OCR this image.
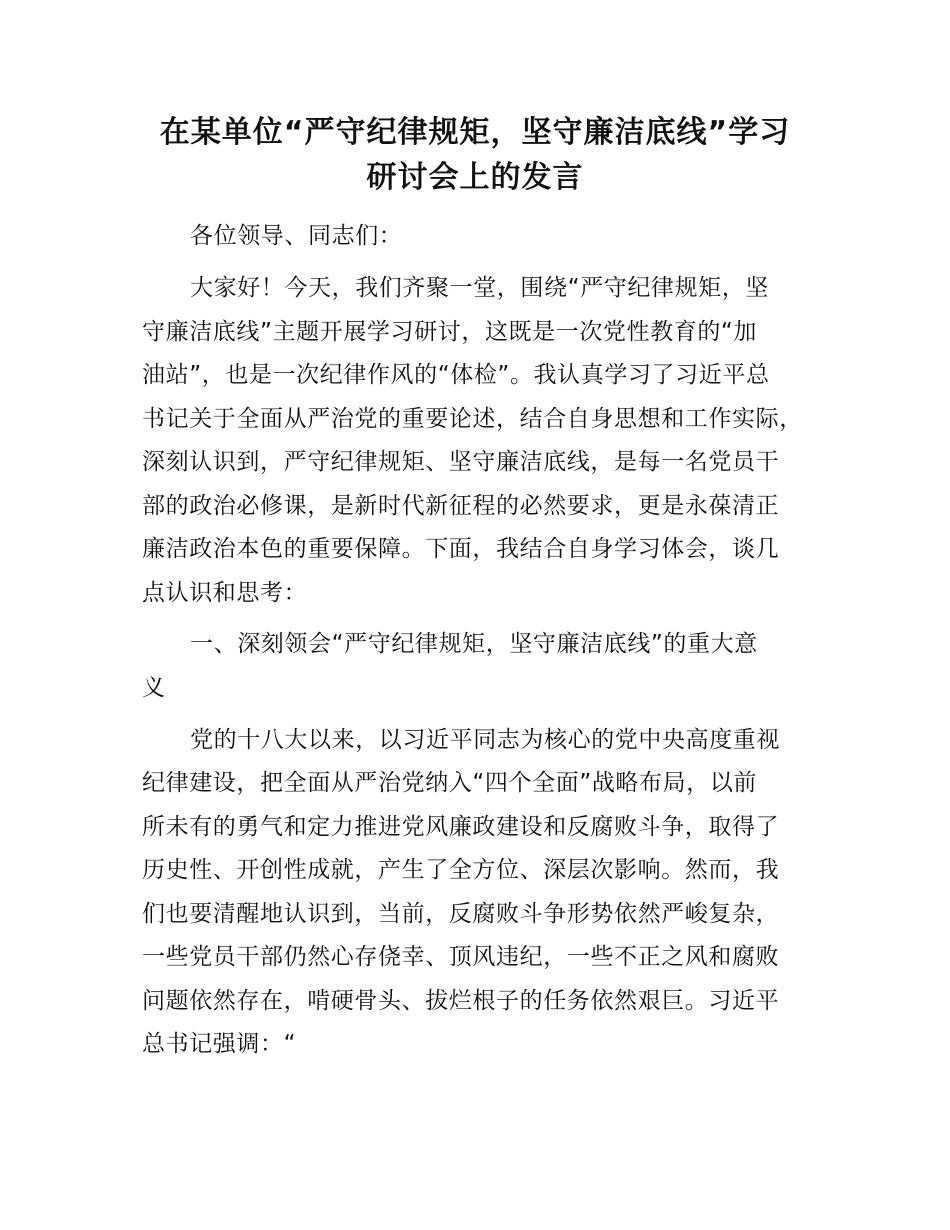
在某单位“严守纪律规矩，坚守廉洁底线”学习
研讨会上的发言
各位领导、同志们：
大家好！今天，我们齐聚一堂，围绕“严守纪律规矩，坚
守廉洁底线”主题开展学习研讨，这既是一次党性教育的“加
油站”，也是一次纪律作风的“体检”。我认真学习了习近平总
书记关于全面从严治党的重要论述，结合自身思想和工作实际，
深刻认识到，严守纪律规矩、坚守廉洁底线，是每一名党员干
部的政治必修课，是新时代新征程的必然要求，更是永葆清正
廉洁政治本色的重要保障。下面，我结合自身学习体会，谈几
点认识和思考：
一、深刻领会“严守纪律规矩，坚守廉洁底线”的重大意
义
党的十八大以来，以习近平同志为核心的党中央高度重视
纪律建设，把全面从严治党纳入“四个全面”战略布局，以前
所未有的勇气和定力推进党风廉政建设和反腐败斗争，取得了
历史性、开创性成就，产生了全方位、深层次影响。然而，我
们也要清醒地认识到，当前，反腐败斗争形势依然严峻复杂，
一些党员干部仍然心存侥幸、顶风违纪，一些不正之风和腐败
问题依然存在，啃硬骨头、拔烂根子的任务依然艰巨。习近平
总书记强调：“
